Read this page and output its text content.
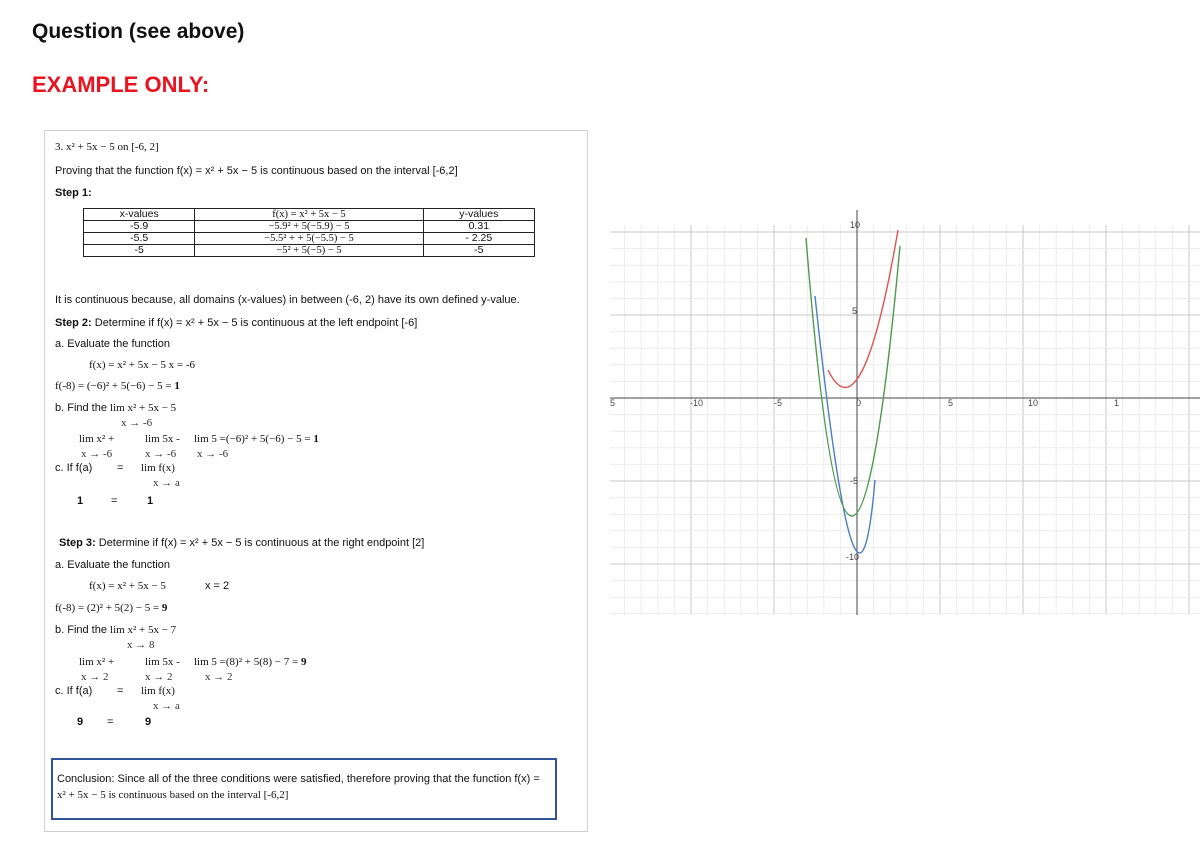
Question (see above)
EXAMPLE ONLY:
3. x² + 5x − 5 on [-6, 2]
Proving that the function f(x) = x² + 5x − 5 is continuous based on the interval [-6,2]
Step 1:
x-values	f(x) = x² + 5x − 5	y-values
-5.9	−5.9² + 5(−5.9) − 5	0.31
-5.5	−5.5² + + 5(−5.5) − 5	- 2.25
-5	−5² + 5(−5) − 5	-5
It is continuous because, all domains (x-values) in between (-6, 2) have its own defined y-value.
Step 2: Determine if f(x) = x² + 5x − 5 is continuous at the left endpoint [-6]
a. Evaluate the function
f(x) = x² + 5x − 5 x = -6
f(-8) = (−6)² + 5(−6) − 5 = 1
b. Find the lim x² + 5x − 5
x → -6
lim x² +
x → -6
lim 5x -
x → -6
lim 5 =(−6)² + 5(−6) − 5 = 1
x → -6
c. If f(a) = lim f(x)
x → a
1	=	1
Step 3: Determine if f(x) = x² + 5x − 5 is continuous at the right endpoint [2]
a. Evaluate the function
f(x) = x² + 5x − 5	x = 2
f(-8) = (2)² + 5(2) − 5 = 9
b. Find the lim x² + 5x − 7
x → 8
lim x² +
x → 2
lim 5x -
x → 2
lim 5 =(8)² + 5(8) − 7 = 9
x → 2
c. If f(a) = lim f(x)
x → a
9 =	9
Conclusion: Since all of the three conditions were satisfied, therefore proving that the function f(x) =
x² + 5x − 5 is continuous based on the interval [-6,2]
5	-10	-5	0	5	10	1
10
5
-5
-10
